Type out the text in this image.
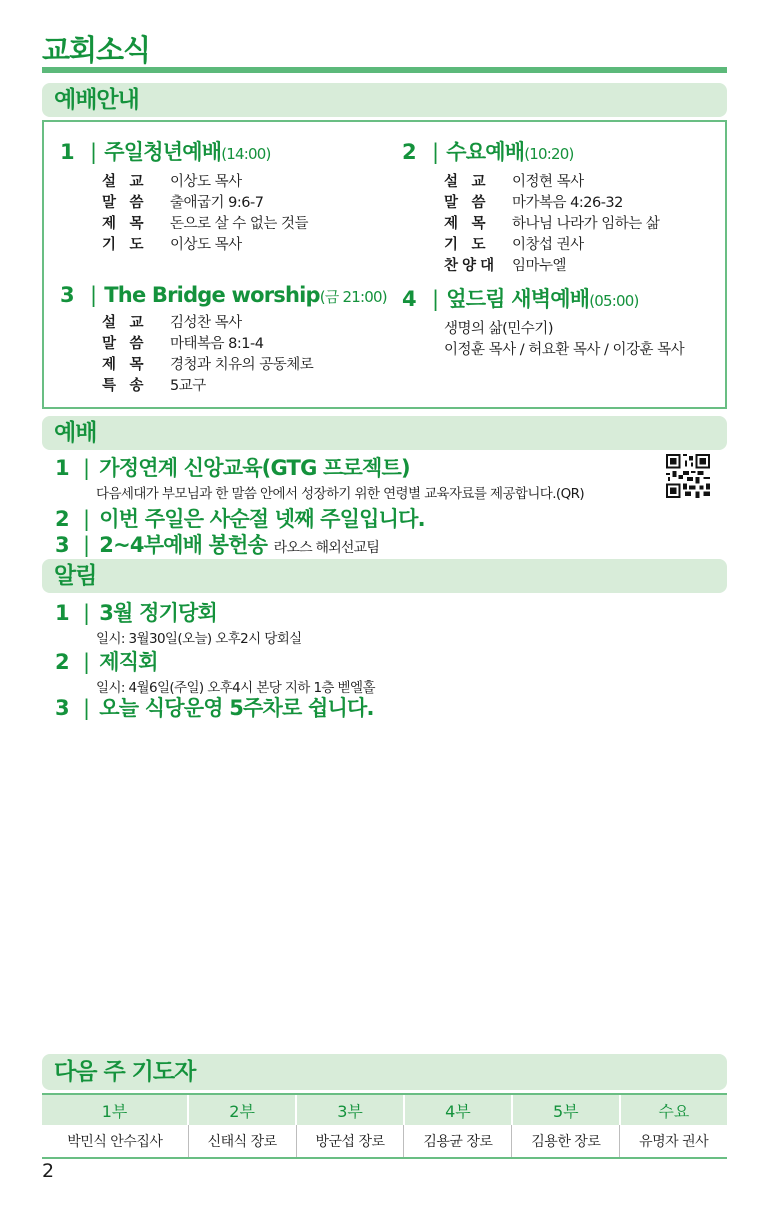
교회소식
예배안내
1 | 주일청년예배(14:00)
설　교 이상도 목사
말　씀 출애굽기 9:6-7
제　목 돈으로 살 수 없는 것들
기　도 이상도 목사
2 | 수요예배(10:20)
설　교 이정현 목사
말　씀 마가복음 4:26-32
제　목 하나님 나라가 임하는 삶
기　도 이창섭 권사
찬 양 대 임마누엘
3 | The Bridge worship(금 21:00)
설　교 김성찬 목사
말　씀 마태복음 8:1-4
제　목 경청과 치유의 공동체로
특　송 5교구
4 | 엎드림 새벽예배(05:00)
생명의 삶(민수기)
이정훈 목사 / 허요환 목사 / 이강훈 목사
예배
1 | 가정연계 신앙교육(GTG 프로젝트)
다음세대가 부모님과 한 말씀 안에서 성장하기 위한 연령별 교육자료를 제공합니다.(QR)
2 | 이번 주일은 사순절 넷째 주일입니다.
3 | 2~4부예배 봉헌송 라오스 해외선교팀
알림
1 | 3월 정기당회
일시: 3월30일(오늘) 오후2시 당회실
2 | 제직회
일시: 4월6일(주일) 오후4시 본당 지하 1층 벧엘홀
3 | 오늘 식당운영 5주차로 쉽니다.
다음 주 기도자
1부	2부	3부	4부	5부	수요
박민식 안수집사	신태식 장로	방군섭 장로	김용균 장로	김용한 장로	유명자 권사
2
